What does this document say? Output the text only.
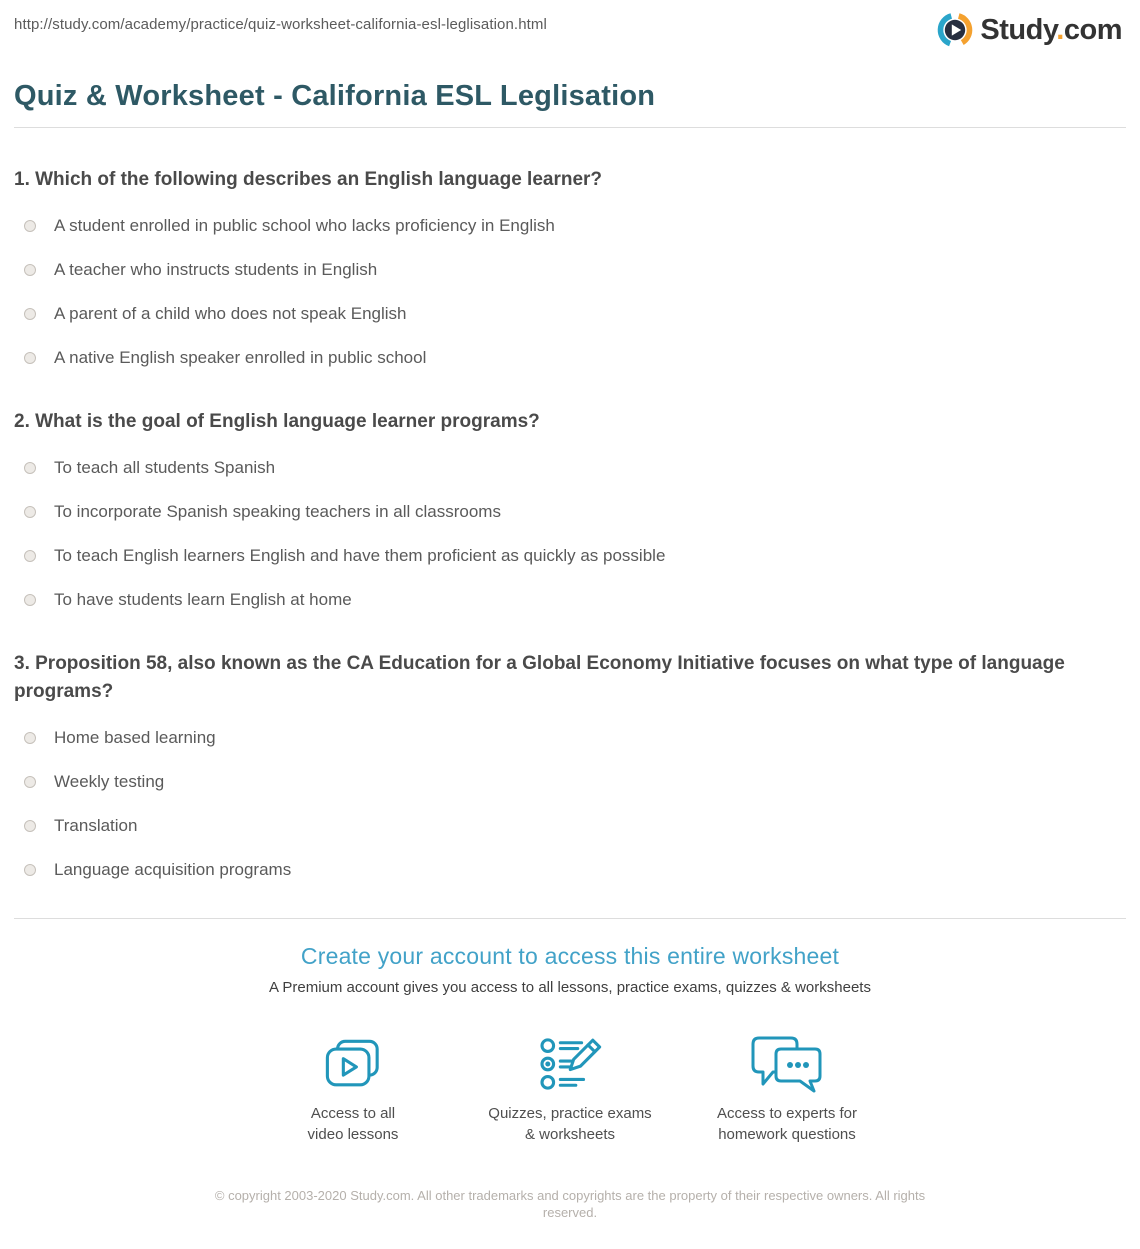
http://study.com/academy/practice/quiz-worksheet-california-esl-leglisation.html	Study.com
Quiz & Worksheet - California ESL Leglisation
1. Which of the following describes an English language learner?
A student enrolled in public school who lacks proficiency in English
A teacher who instructs students in English
A parent of a child who does not speak English
A native English speaker enrolled in public school
2. What is the goal of English language learner programs?
To teach all students Spanish
To incorporate Spanish speaking teachers in all classrooms
To teach English learners English and have them proficient as quickly as possible
To have students learn English at home
3. Proposition 58, also known as the CA Education for a Global Economy Initiative focuses on what type of language programs?
Home based learning
Weekly testing
Translation
Language acquisition programs
Create your account to access this entire worksheet
A Premium account gives you access to all lessons, practice exams, quizzes & worksheets
Access to all
video lessons
Quizzes, practice exams
& worksheets
Access to experts for
homework questions
© copyright 2003-2020 Study.com. All other trademarks and copyrights are the property of their respective owners. All rights reserved.
